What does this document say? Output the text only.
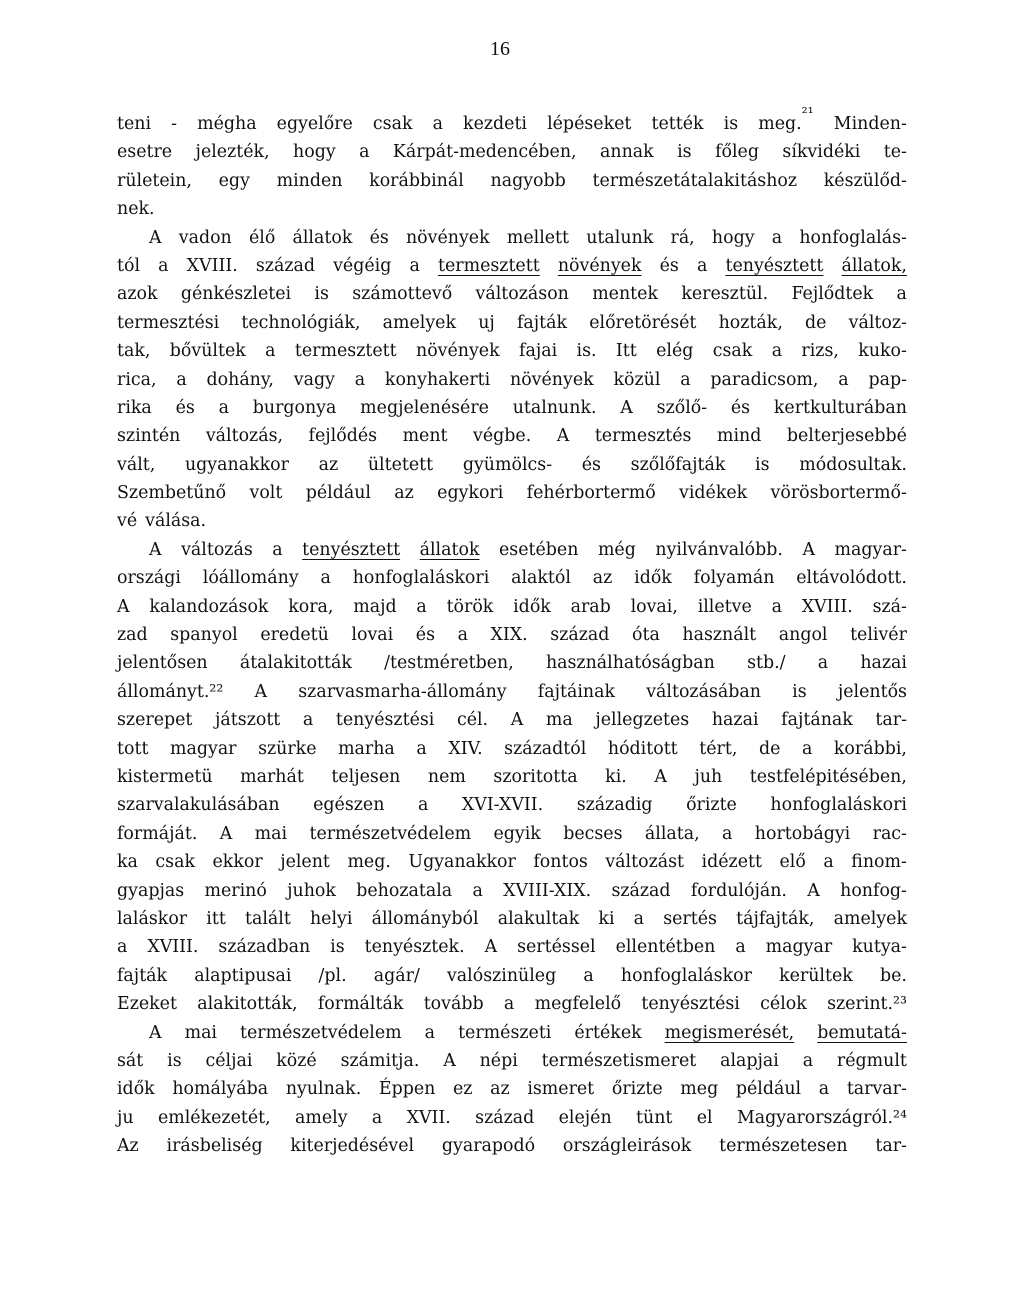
16
teni - mégha egyelőre csak a kezdeti lépéseket tették is meg.$^{^{21}}$
Minden-
esetre jelezték, hogy a Kárpát-medencében, annak is főleg síkvidéki te-
rületein, egy minden korábbinál nagyobb természetátalakitáshoz készülőd-
nek.
A vadon élő állatok és növények mellett utalunk rá, hogy a honfoglalás-
tól a XVIII. század végéig a termesztett növények és a tenyésztett állatok,
azok génkészletei is számottevő változáson mentek keresztül. Fejlődtek a
termesztési technológiák, amelyek uj fajták előretörését hozták, de változ-
tak, bővültek a termesztett növények fajai is. Itt elég csak a rizs, kuko-
rica, a dohány, vagy a konyhakerti növények közül a paradicsom, a pap-
rika és a burgonya megjelenésére utalnunk. A szőlő- és kertkulturában
szintén változás, fejlődés ment végbe. A termesztés mind belterjesebbé
vált, ugyanakkor az ültetett gyümölcs- és szőlőfajták is módosultak.
Szembetűnő volt például az egykori fehérbortermő vidékek vörösbortermő-
vé válása.
A változás a tenyésztett állatok esetében még nyilvánvalóbb. A magyar-
országi lóállomány a honfoglaláskori alaktól az idők folyamán eltávolódott.
A kalandozások kora, majd a török idők arab lovai, illetve a XVIII. szá-
zad spanyol eredetü lovai és a XIX. század óta használt angol telivér
jelentősen átalakitották /testméretben, használhatóságban stb./ a hazai
állományt.²² A szarvasmarha-állomány fajtáinak változásában is jelentős
szerepet játszott a tenyésztési cél. A ma jellegzetes hazai fajtának tar-
tott magyar szürke marha a XIV. századtól hóditott tért, de a korábbi,
kistermetü marhát teljesen nem szoritotta ki. A juh testfelépitésében,
szarvalakulásában egészen a XVI-XVII. századig őrizte honfoglaláskori
formáját. A mai természetvédelem egyik becses állata, a hortobágyi rac-
ka csak ekkor jelent meg. Ugyanakkor fontos változást idézett elő a finom-
gyapjas merinó juhok behozatala a XVIII-XIX. század fordulóján. A honfog-
laláskor itt talált helyi állományból alakultak ki a sertés tájfajták, amelyek
a XVIII. században is tenyésztek. A sertéssel ellentétben a magyar kutya-
fajták alaptipusai /pl. agár/ valószinüleg a honfoglaláskor kerültek be.
Ezeket alakitották, formálták tovább a megfelelő tenyésztési célok szerint.²³
A mai természetvédelem a természeti értékek megismerését, bemutatá-
sát is céljai közé számitja. A népi természetismeret alapjai a régmult
idők homályába nyulnak. Éppen ez az ismeret őrizte meg például a tarvar-
ju emlékezetét, amely a XVII. század elején tünt el Magyarországról.²⁴
Az irásbeliség kiterjedésével gyarapodó országleirások természetesen tar-
